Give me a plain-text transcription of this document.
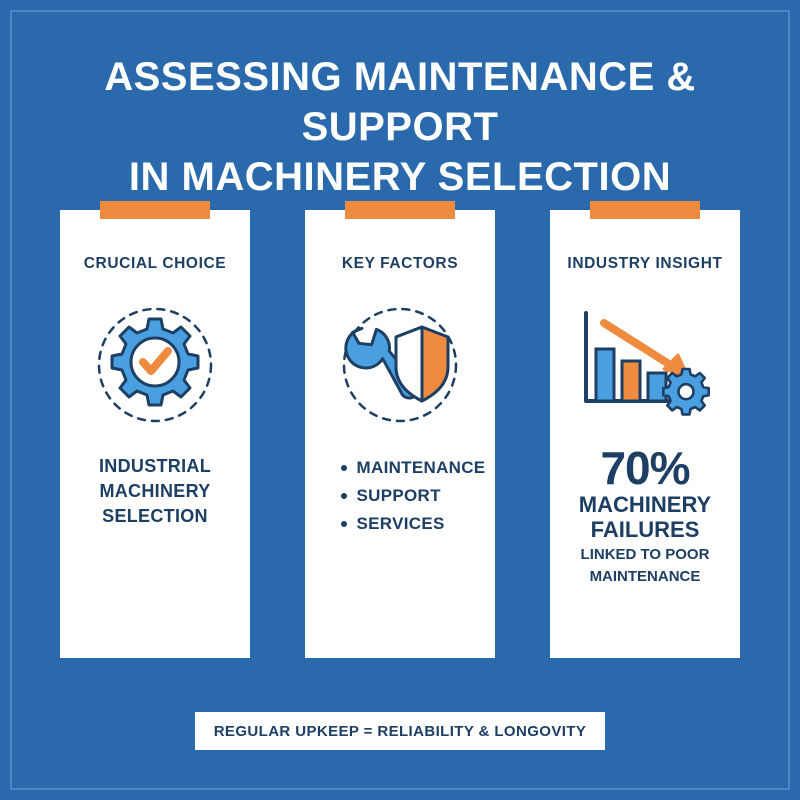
ASSESSING MAINTENANCE & SUPPORT
IN MACHINERY SELECTION
CRUCIAL CHOICE
INDUSTRIAL
MACHINERY
SELECTION
KEY FACTORS
MAINTENANCE
SUPPORT
SERVICES
INDUSTRY INSIGHT
70%
MACHINERY
FAILURES
LINKED TO POOR
MAINTENANCE
REGULAR UPKEEP = RELIABILITY & LONGOVITY
